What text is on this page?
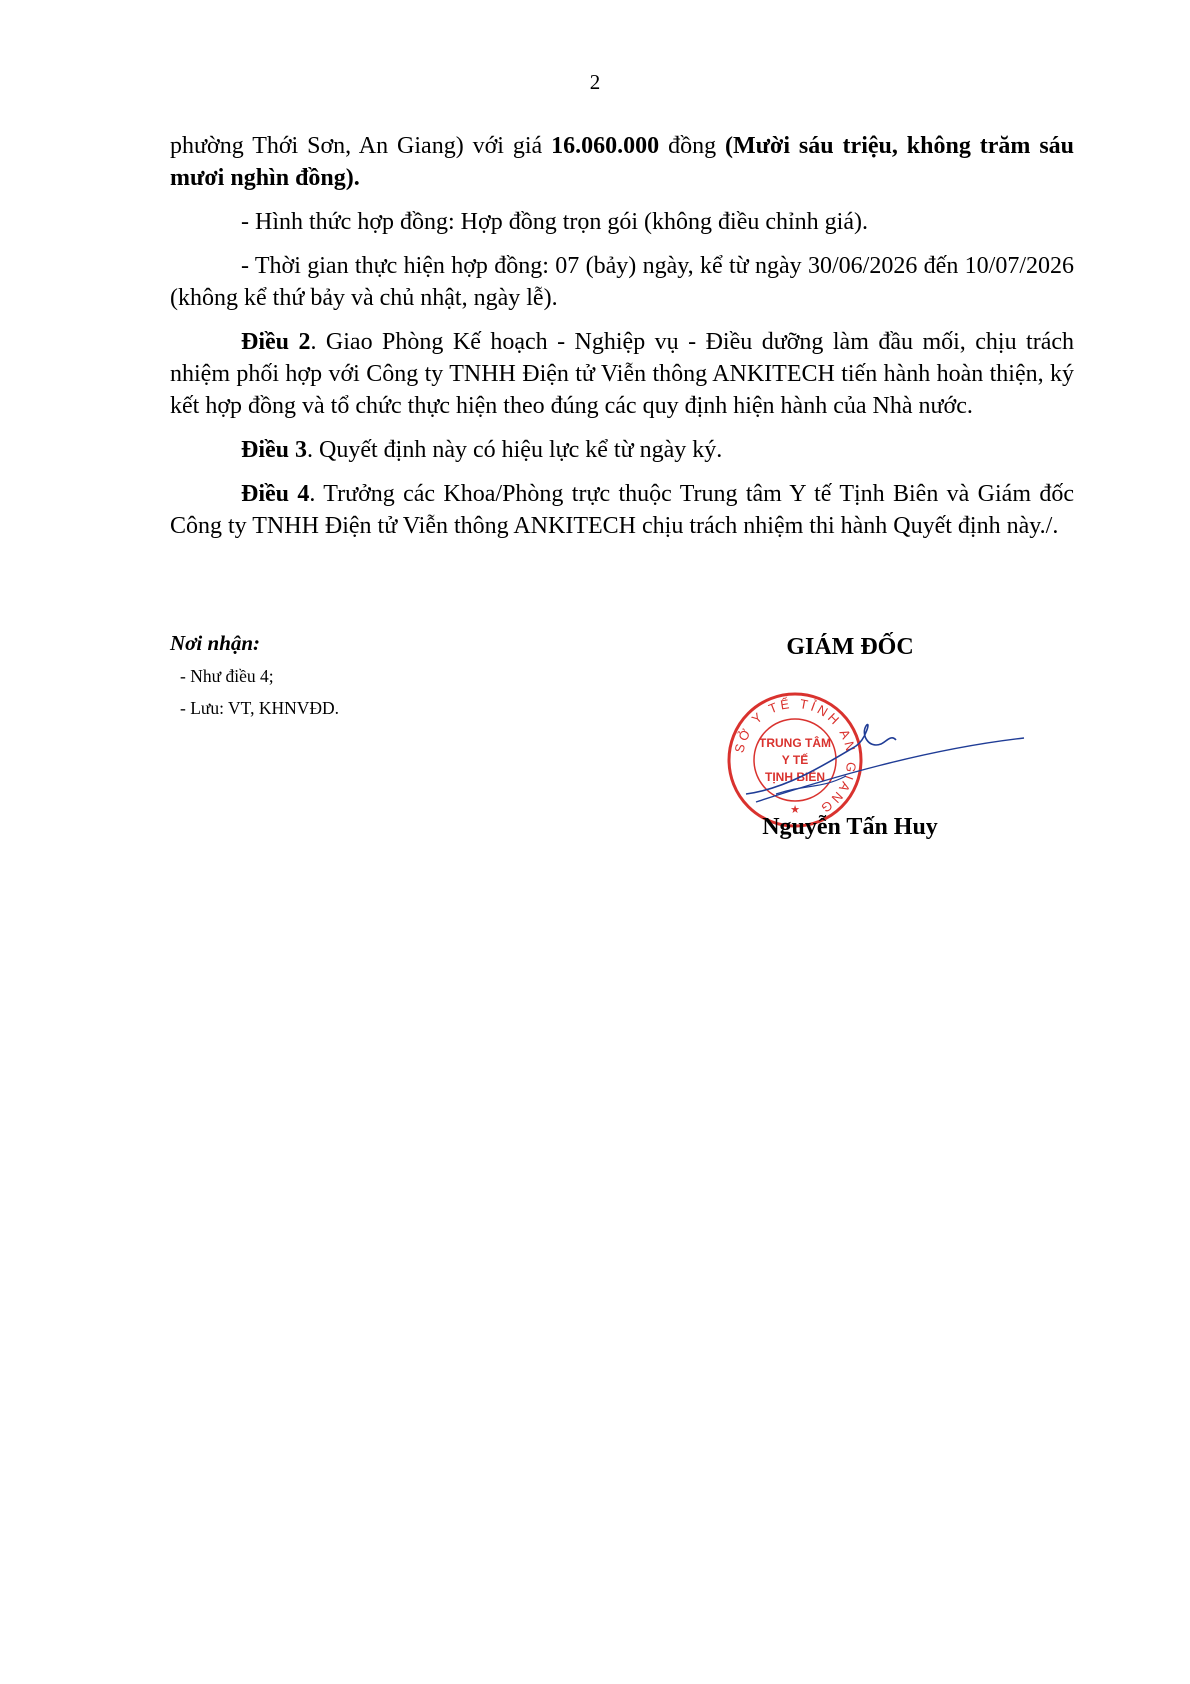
2

phường Thới Sơn, An Giang) với giá 16.060.000 đồng (Mười sáu triệu, không trăm sáu mươi nghìn đồng).

- Hình thức hợp đồng: Hợp đồng trọn gói (không điều chỉnh giá).

- Thời gian thực hiện hợp đồng: 07 (bảy) ngày, kể từ ngày 30/06/2026 đến 10/07/2026 (không kể thứ bảy và chủ nhật, ngày lễ).

Điều 2. Giao Phòng Kế hoạch - Nghiệp vụ - Điều dưỡng làm đầu mối, chịu trách nhiệm phối hợp với Công ty TNHH Điện tử Viễn thông ANKITECH tiến hành hoàn thiện, ký kết hợp đồng và tổ chức thực hiện theo đúng các quy định hiện hành của Nhà nước.

Điều 3. Quyết định này có hiệu lực kể từ ngày ký.

Điều 4. Trưởng các Khoa/Phòng trực thuộc Trung tâm Y tế Tịnh Biên và Giám đốc Công ty TNHH Điện tử Viễn thông ANKITECH chịu trách nhiệm thi hành Quyết định này./.

Nơi nhận:
- Như điều 4;
- Lưu: VT, KHNVĐD.
GIÁM ĐỐC
SỞ Y TẾ TỈNH AN GIANG
TRUNG TÂM
Y TẾ
TỊNH BIÊN
★
Nguyễn Tấn Huy
